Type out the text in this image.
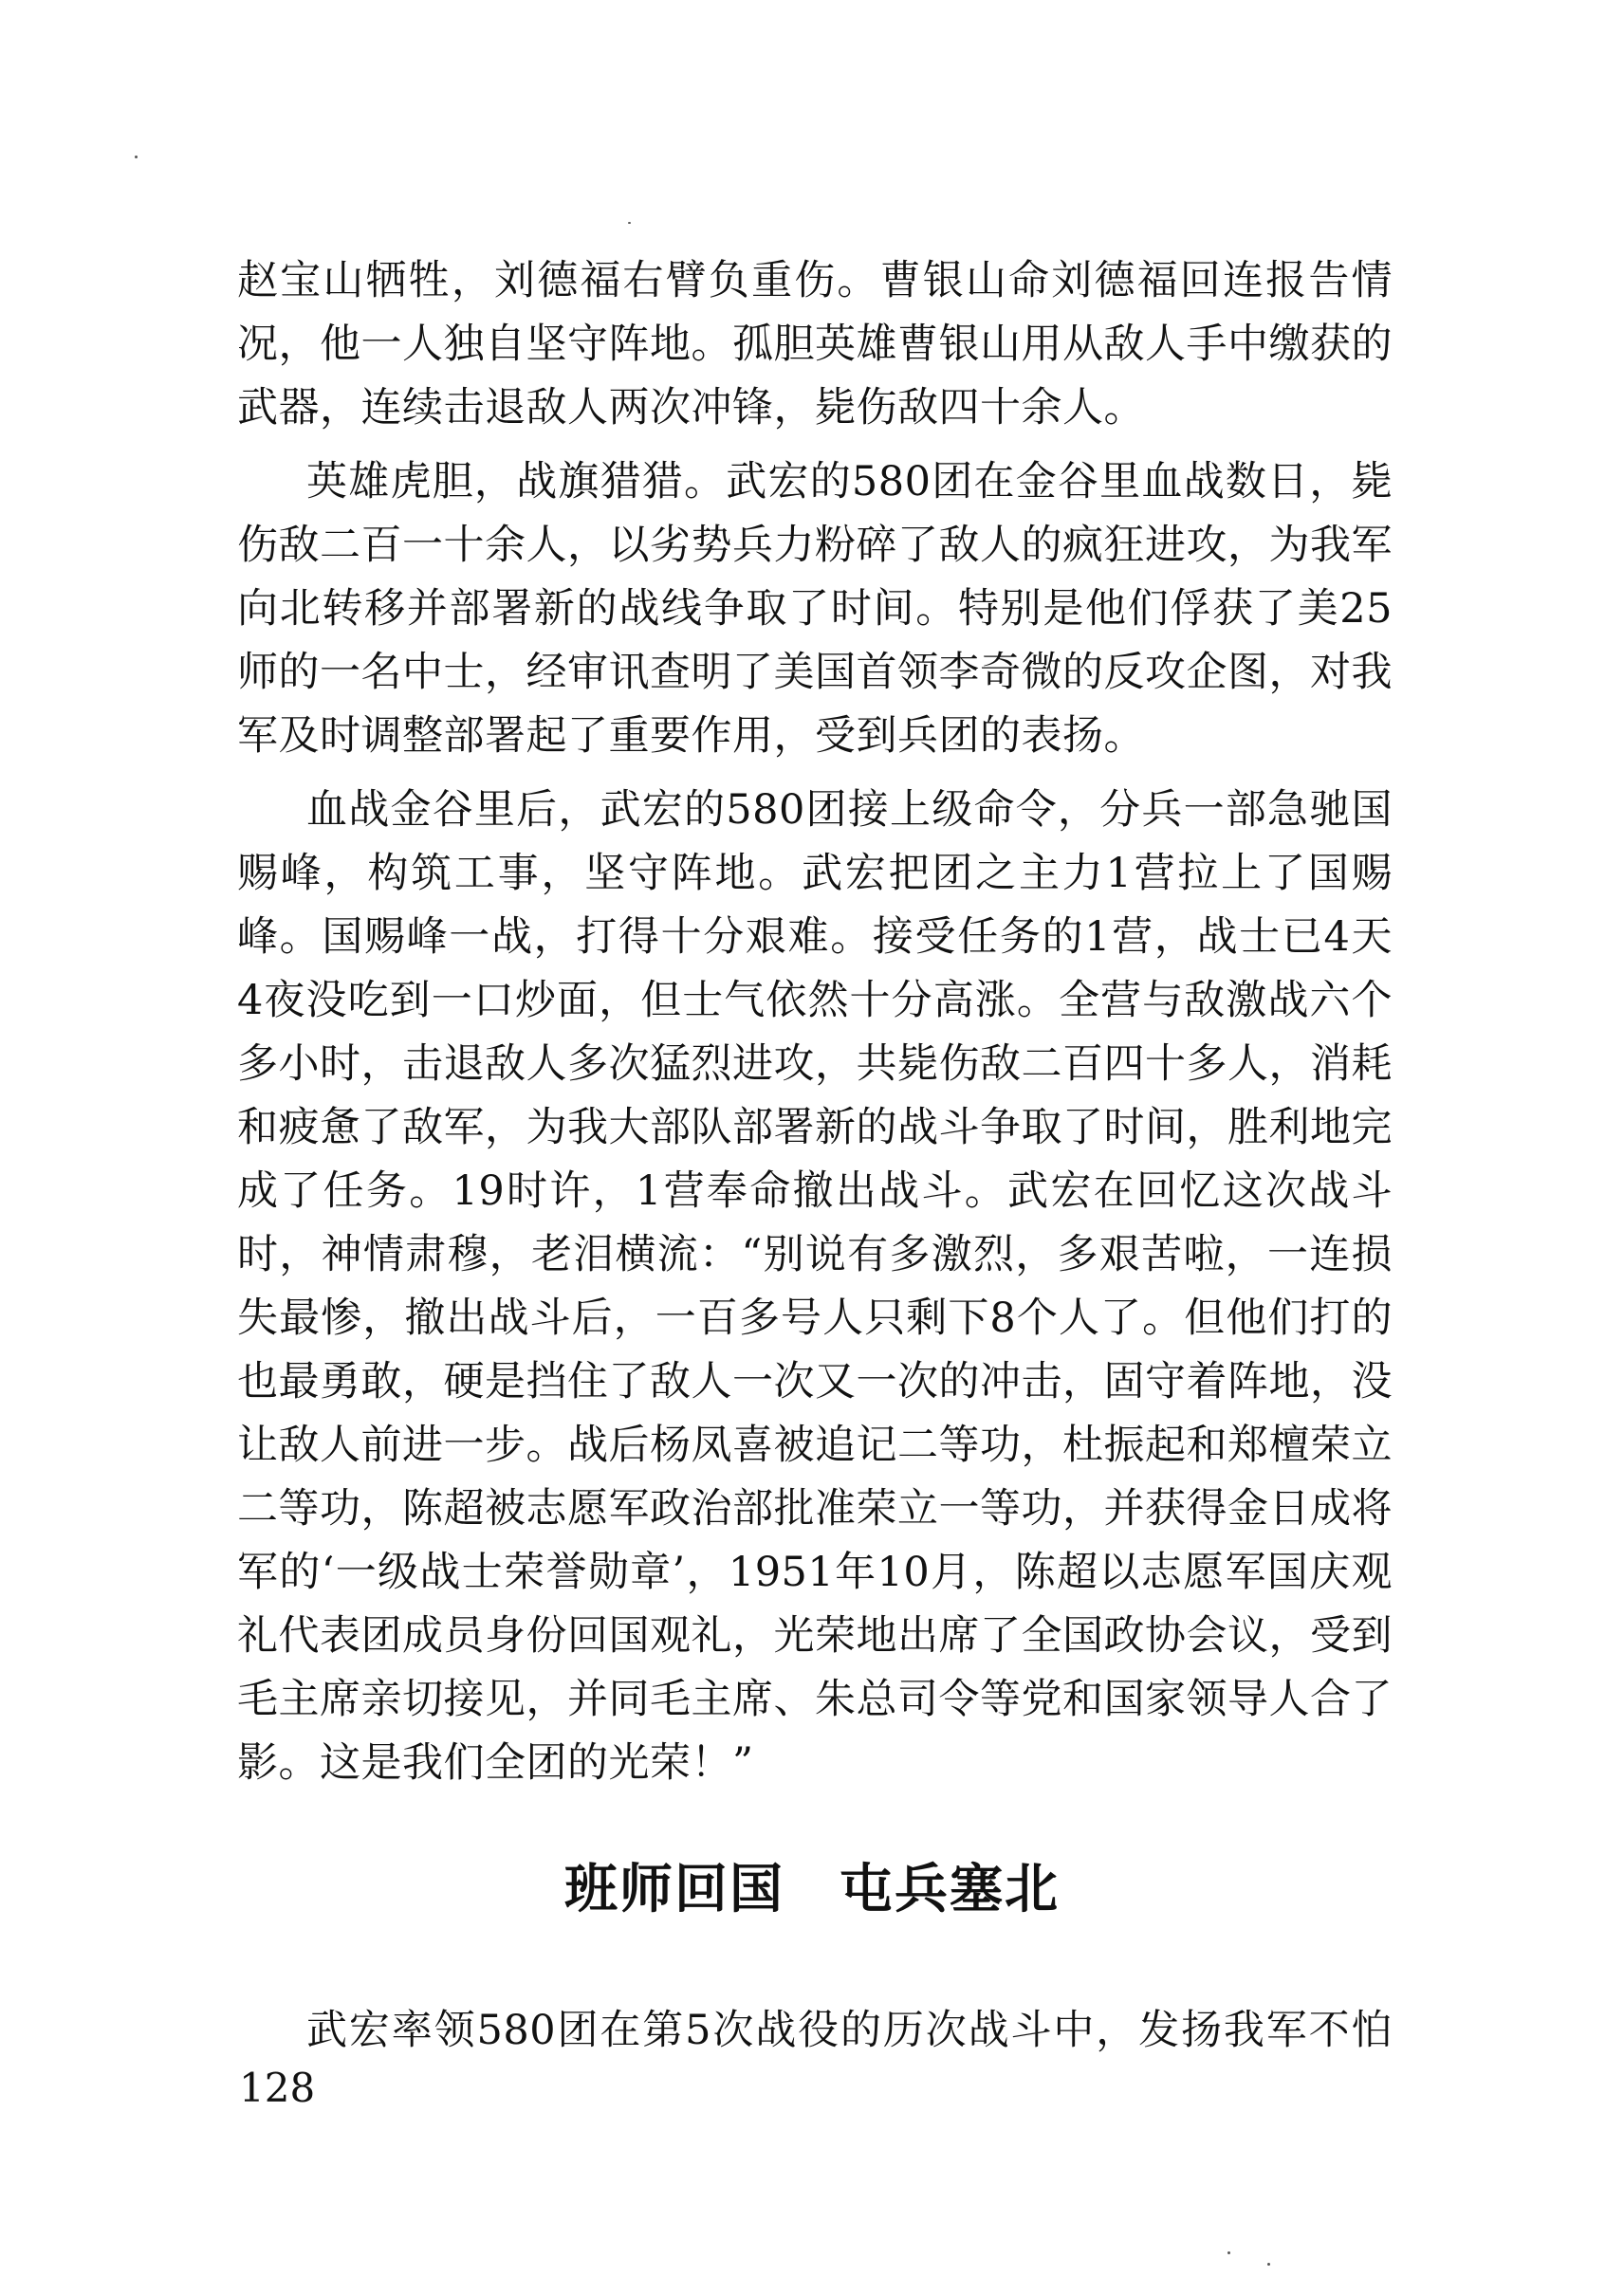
赵宝山牺牲，刘德福右臂负重伤。曹银山命刘德福回连报告情
况，他一人独自坚守阵地。孤胆英雄曹银山用从敌人手中缴获的
武器，连续击退敌人两次冲锋，毙伤敌四十余人。
英雄虎胆，战旗猎猎。武宏的580团在金谷里血战数日，毙
伤敌二百一十余人，以劣势兵力粉碎了敌人的疯狂进攻，为我军
向北转移并部署新的战线争取了时间。特别是他们俘获了美25
师的一名中士，经审讯查明了美国首领李奇微的反攻企图，对我
军及时调整部署起了重要作用，受到兵团的表扬。
血战金谷里后，武宏的580团接上级命令，分兵一部急驰国
赐峰，构筑工事，坚守阵地。武宏把团之主力1营拉上了国赐
峰。国赐峰一战，打得十分艰难。接受任务的1营，战士已4天
4夜没吃到一口炒面，但士气依然十分高涨。全营与敌激战六个
多小时，击退敌人多次猛烈进攻，共毙伤敌二百四十多人，消耗
和疲惫了敌军，为我大部队部署新的战斗争取了时间，胜利地完
成了任务。19时许，1营奉命撤出战斗。武宏在回忆这次战斗
时，神情肃穆，老泪横流：“别说有多激烈，多艰苦啦，一连损
失最惨，撤出战斗后，一百多号人只剩下8个人了。但他们打的
也最勇敢，硬是挡住了敌人一次又一次的冲击，固守着阵地，没
让敌人前进一步。战后杨凤喜被追记二等功，杜振起和郑檀荣立
二等功，陈超被志愿军政治部批准荣立一等功，并获得金日成将
军的‘一级战士荣誉勋章’，1951年10月，陈超以志愿军国庆观
礼代表团成员身份回国观礼，光荣地出席了全国政协会议，受到
毛主席亲切接见，并同毛主席、朱总司令等党和国家领导人合了
影。这是我们全团的光荣！”
班师回国　屯兵塞北
武宏率领580团在第5次战役的历次战斗中，发扬我军不怕
128
